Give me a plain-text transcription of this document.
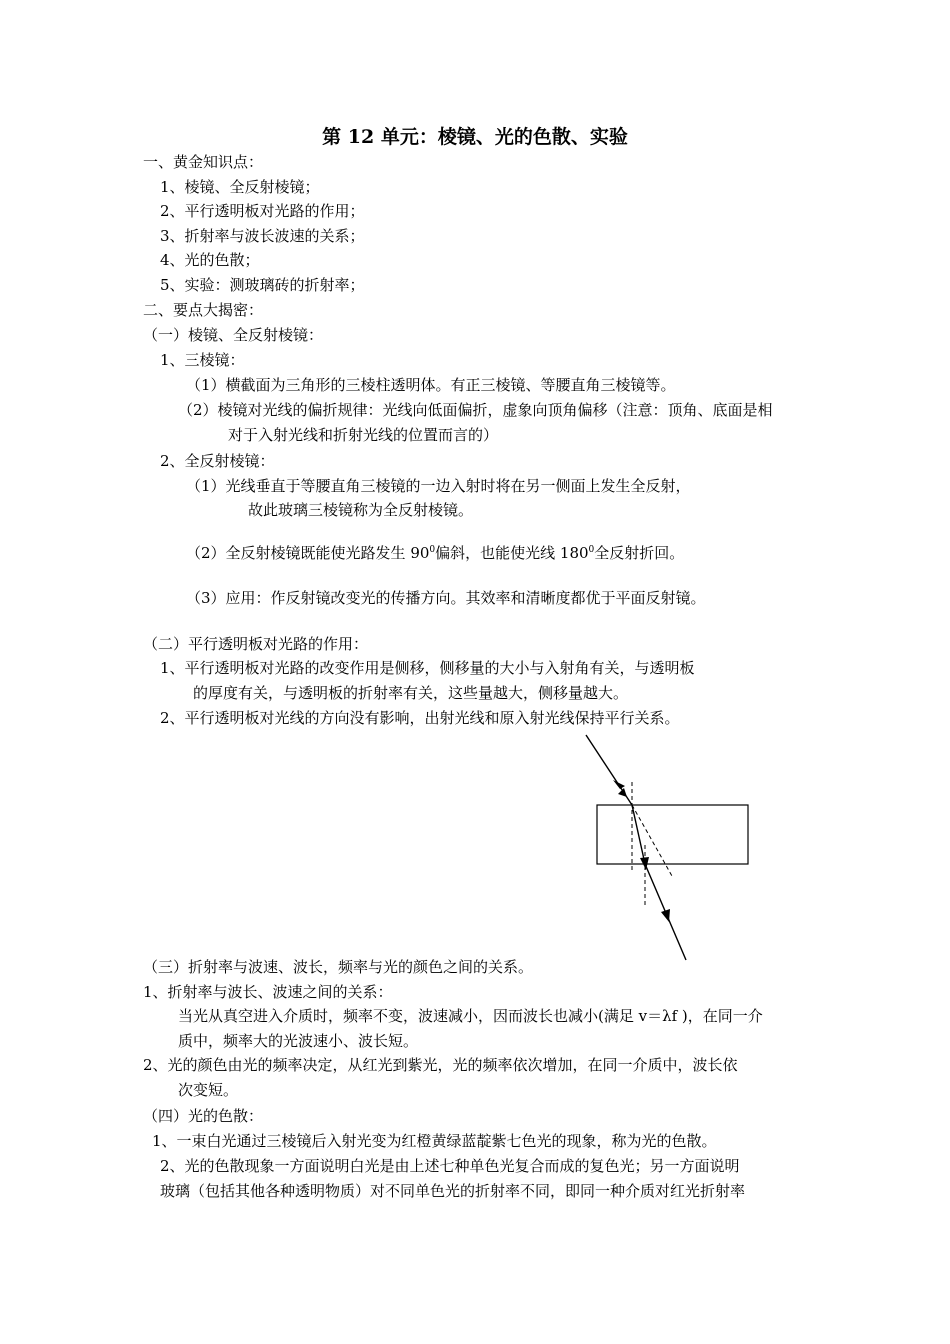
第 12 单元：棱镜、光的色散、实验
一、黄金知识点：
1、棱镜、全反射棱镜；
2、平行透明板对光路的作用；
3、折射率与波长波速的关系；
4、光的色散；
5、实验：测玻璃砖的折射率；
二、要点大揭密：
（一）棱镜、全反射棱镜：
1、三棱镜：
（1）横截面为三角形的三棱柱透明体。有正三棱镜、等腰直角三棱镜等。
（2）棱镜对光线的偏折规律：光线向低面偏折，虚象向顶角偏移（注意：顶角、底面是相
对于入射光线和折射光线的位置而言的）
2、全反射棱镜：
（1）光线垂直于等腰直角三棱镜的一边入射时将在另一侧面上发生全反射，
故此玻璃三棱镜称为全反射棱镜。
（2）全反射棱镜既能使光路发生 $90^0$偏斜，也能使光线 $180^0$全反射折回。
（3）应用：作反射镜改变光的传播方向。其效率和清晰度都优于平面反射镜。
（二）平行透明板对光路的作用：
1、平行透明板对光路的改变作用是侧移，侧移量的大小与入射角有关，与透明板
的厚度有关，与透明板的折射率有关，这些量越大，侧移量越大。
2、平行透明板对光线的方向没有影响，出射光线和原入射光线保持平行关系。
（三）折射率与波速、波长，频率与光的颜色之间的关系。
1、折射率与波长、波速之间的关系：
当光从真空进入介质时，频率不变，波速减小，因而波长也减小(满足 v＝λf )，在同一介
质中，频率大的光波速小、波长短。
2、光的颜色由光的频率决定，从红光到紫光，光的频率依次增加，在同一介质中，波长依
次变短。
（四）光的色散：
1、一束白光通过三棱镜后入射光变为红橙黄绿蓝靛紫七色光的现象，称为光的色散。
2、光的色散现象一方面说明白光是由上述七种单色光复合而成的复色光；另一方面说明
玻璃（包括其他各种透明物质）对不同单色光的折射率不同，即同一种介质对红光折射率
